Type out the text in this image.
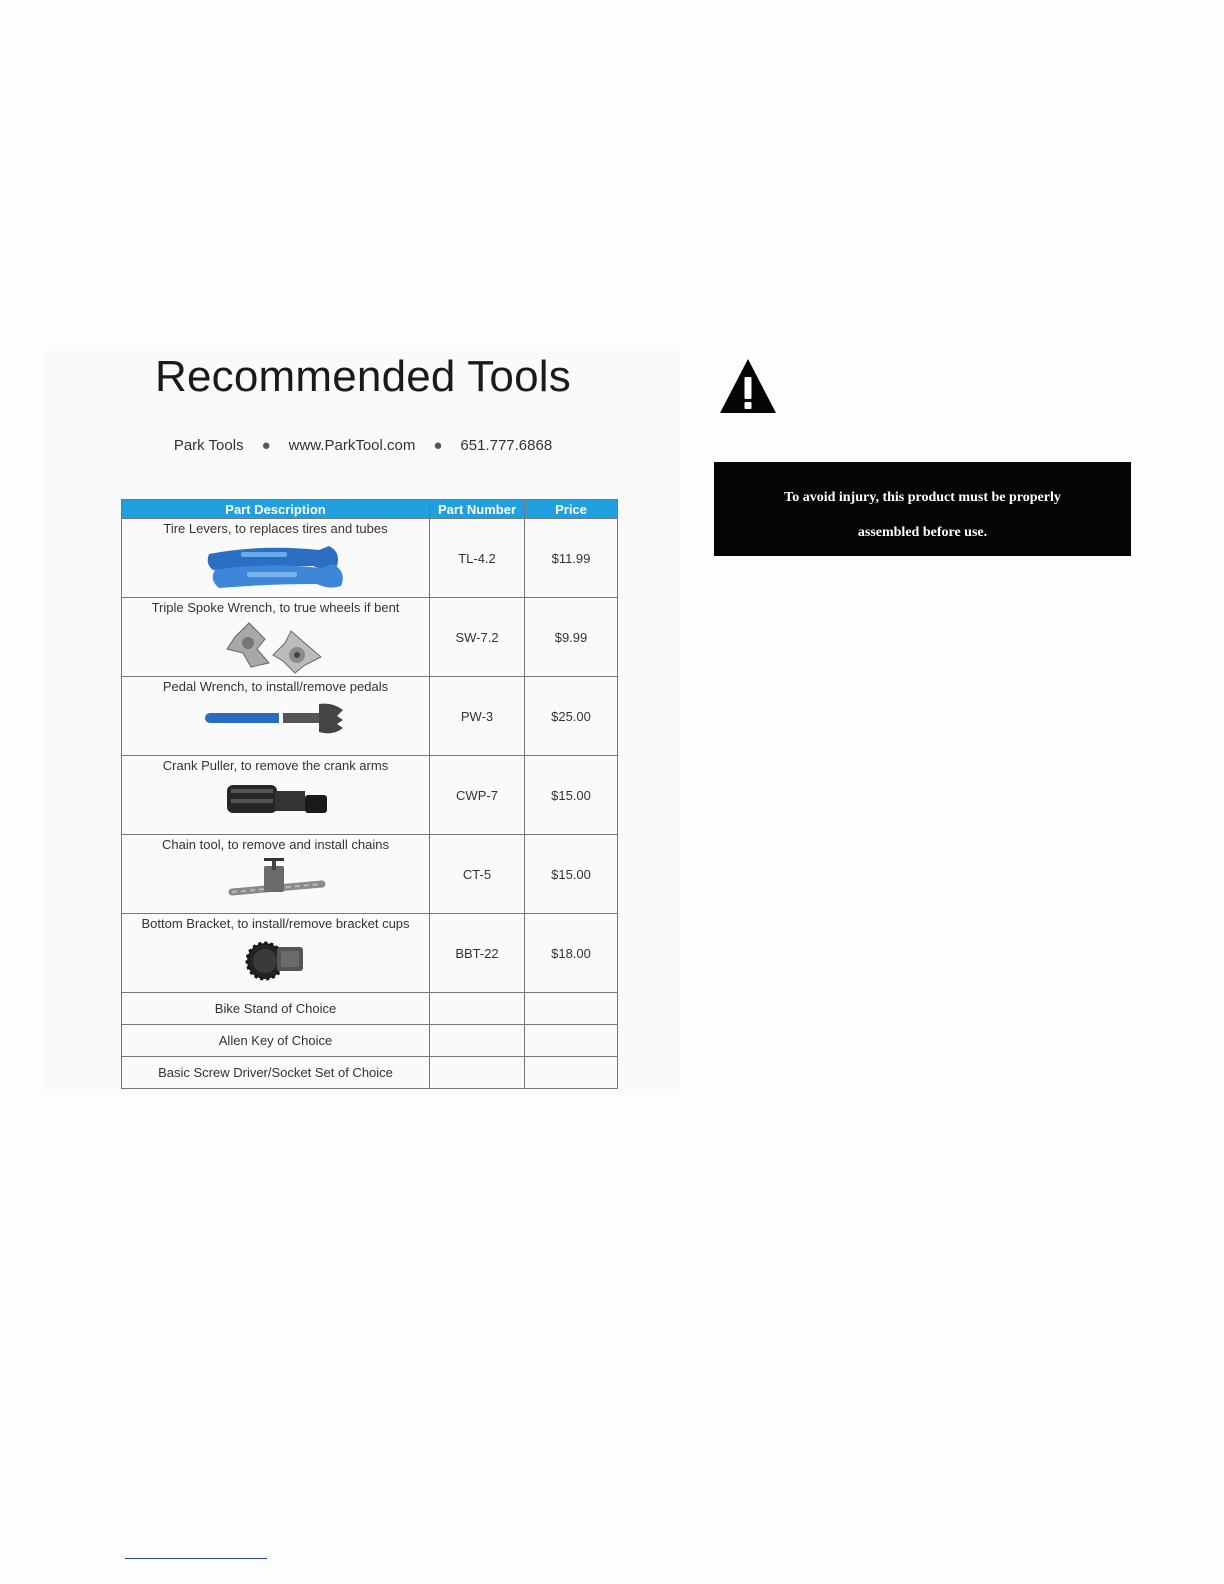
Recommended Tools
Park Tools ● www.ParkTool.com ● 651.777.6868
Part Description	Part Number	Price

Tire Levers, to replaces tires and tubes	TL-4.2	$11.99

Triple Spoke Wrench, to true wheels if bent	SW-7.2	$9.99

Pedal Wrench, to install/remove pedals	PW-3	$25.00

Crank Puller, to remove the crank arms	CWP-7	$15.00

Chain tool, to remove and install chains	CT-5	$15.00

Bottom Bracket, to install/remove bracket cups	BBT-22	$18.00
Bike Stand of Choice		
Allen Key of Choice		
Basic Screw Driver/Socket Set of Choice		
To avoid injury, this product must be properly
assembled before use.
